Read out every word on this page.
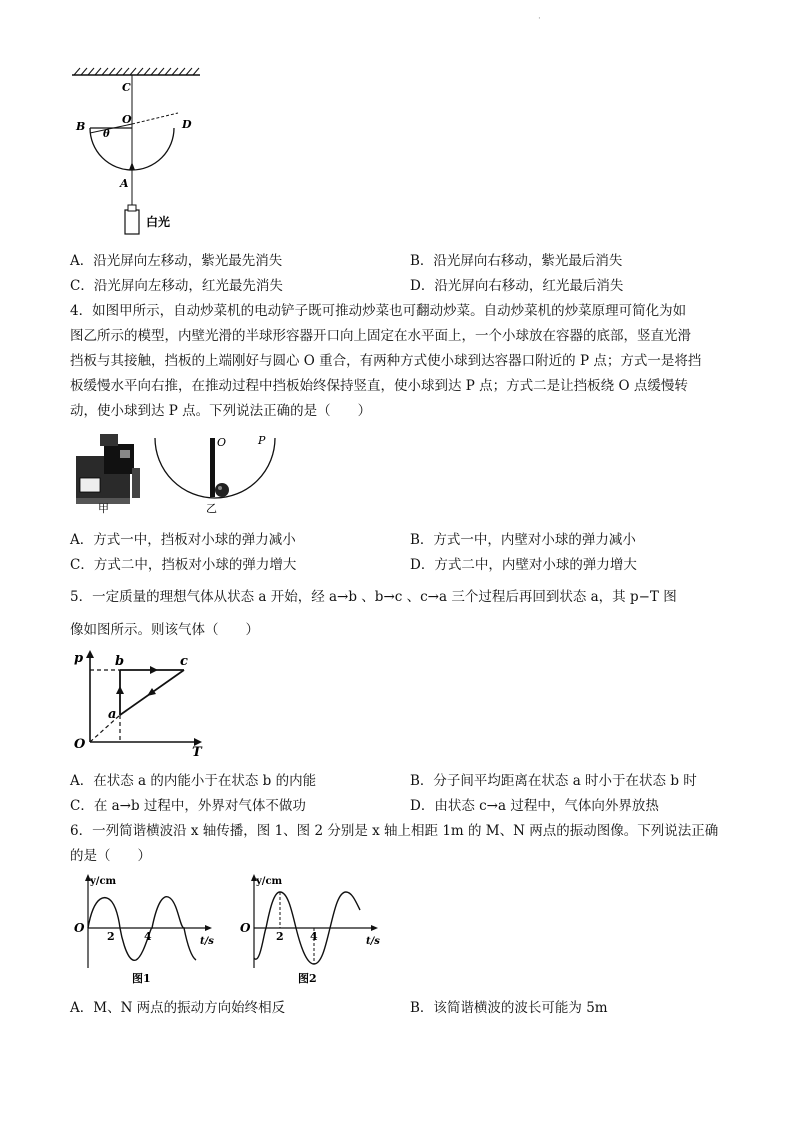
·
C
O
B	D
θ
A
白光
A．沿光屏向左移动，紫光最先消失	B．沿光屏向右移动，紫光最后消失
C．沿光屏向左移动，红光最先消失	D．沿光屏向右移动，红光最后消失
4．如图甲所示，自动炒菜机的电动铲子既可推动炒菜也可翻动炒菜。自动炒菜机的炒菜原理可简化为如
图乙所示的模型，内壁光滑的半球形容器开口向上固定在水平面上，一个小球放在容器的底部，竖直光滑
挡板与其接触，挡板的上端刚好与圆心 O 重合，有两种方式使小球到达容器口附近的 P 点；方式一是将挡
板缓慢水平向右推，在推动过程中挡板始终保持竖直，使小球到达 P 点；方式二是让挡板绕 O 点缓慢转
动，使小球到达 P 点。下列说法正确的是（　　）
甲
O	P
乙
A．方式一中，挡板对小球的弹力减小	B．方式一中，内壁对小球的弹力减小
C．方式二中，挡板对小球的弹力增大	D．方式二中，内壁对小球的弹力增大
5．一定质量的理想气体从状态 a 开始，经 a→b 、b→c 、c→a 三个过程后再回到状态 a，其 p−T 图
像如图所示。则该气体（　　）
p
T
O
a
b	c
A．在状态 a 的内能小于在状态 b 的内能	B．分子间平均距离在状态 a 时小于在状态 b 时
C．在 a→b 过程中，外界对气体不做功	D．由状态 c→a 过程中，气体向外界放热
6．一列简谐横波沿 x 轴传播，图 1、图 2 分别是 x 轴上相距 1m 的 M、N 两点的振动图像。下列说法正确
的是（　　）
y/cm
t/s
O
2	4
图1
y/cm
t/s
O
2 4
图2
A．M、N 两点的振动方向始终相反	B．该简谐横波的波长可能为 5m
